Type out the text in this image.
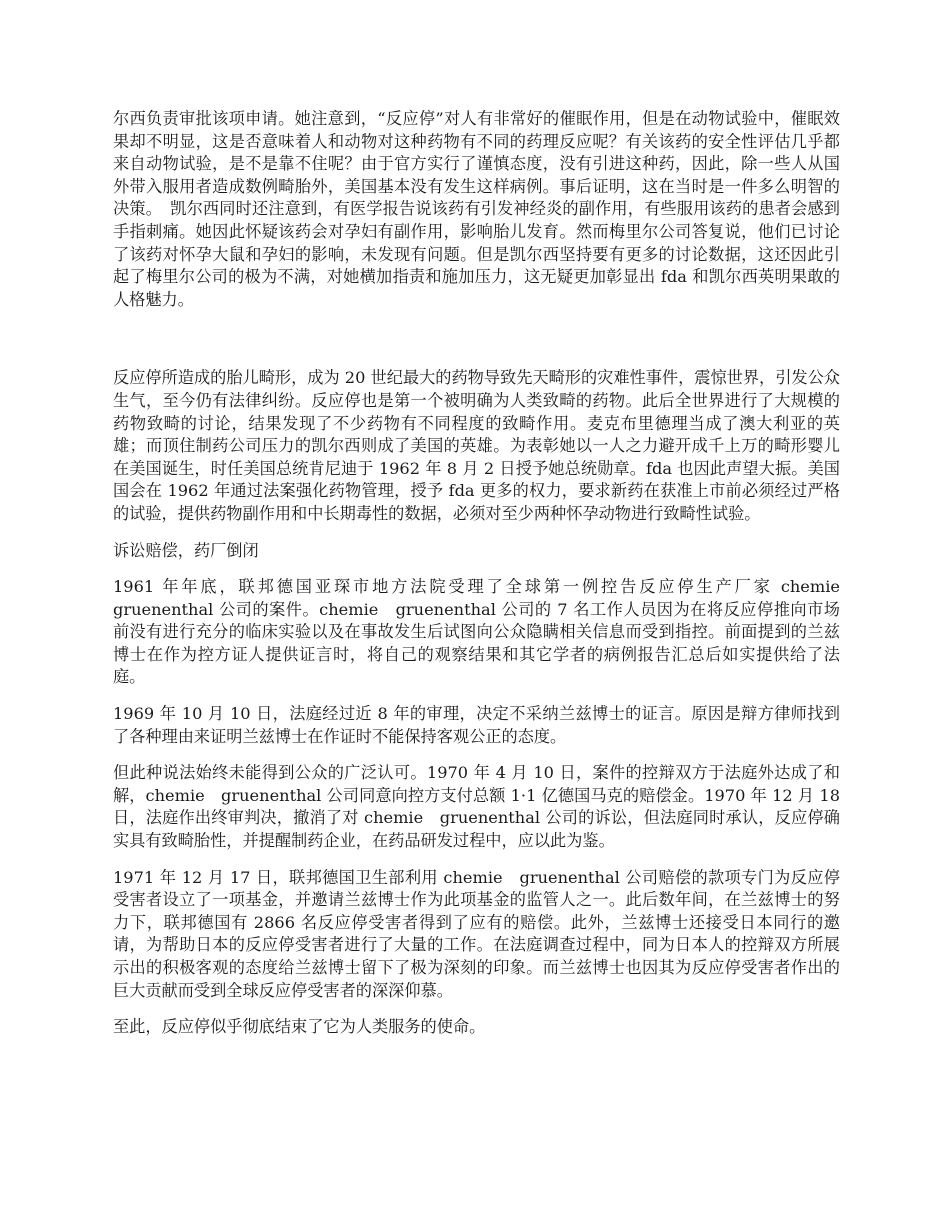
尔西负责审批该项申请。她注意到，“反应停”对人有非常好的催眠作用，但是在动物试验中，催眠效果却不明显，这是否意味着人和动物对这种药物有不同的药理反应呢？有关该药的安全性评估几乎都来自动物试验，是不是靠不住呢？由于官方实行了谨慎态度，没有引进这种药，因此，除一些人从国外带入服用者造成数例畸胎外，美国基本没有发生这样病例。事后证明，这在当时是一件多么明智的决策。　凯尔西同时还注意到，有医学报告说该药有引发神经炎的副作用，有些服用该药的患者会感到手指刺痛。她因此怀疑该药会对孕妇有副作用，影响胎儿发育。然而梅里尔公司答复说，他们已讨论了该药对怀孕大鼠和孕妇的影响，未发现有问题。但是凯尔西坚持要有更多的讨论数据，这还因此引起了梅里尔公司的极为不满，对她横加指责和施加压力，这无疑更加彰显出 fda 和凯尔西英明果敢的人格魅力。

反应停所造成的胎儿畸形，成为 20 世纪最大的药物导致先天畸形的灾难性事件，震惊世界，引发公众生气，至今仍有法律纠纷。反应停也是第一个被明确为人类致畸的药物。此后全世界进行了大规模的药物致畸的讨论，结果发现了不少药物有不同程度的致畸作用。麦克布里德理当成了澳大利亚的英雄；而顶住制药公司压力的凯尔西则成了美国的英雄。为表彰她以一人之力避开成千上万的畸形婴儿在美国诞生，时任美国总统肯尼迪于 1962 年 8 月 2 日授予她总统勋章。fda 也因此声望大振。美国国会在 1962 年通过法案强化药物管理，授予 fda 更多的权力，要求新药在获准上市前必须经过严格的试验，提供药物副作用和中长期毒性的数据，必须对至少两种怀孕动物进行致畸性试验。

诉讼赔偿，药厂倒闭

1961 年年底，联邦德国亚琛市地方法院受理了全球第一例控告反应停生产厂家 chemie　gruenenthal 公司的案件。chemie　gruenenthal 公司的 7 名工作人员因为在将反应停推向市场前没有进行充分的临床实验以及在事故发生后试图向公众隐瞒相关信息而受到指控。前面提到的兰兹博士在作为控方证人提供证言时，将自己的观察结果和其它学者的病例报告汇总后如实提供给了法庭。

1969 年 10 月 10 日，法庭经过近 8 年的审理，决定不采纳兰兹博士的证言。原因是辩方律师找到了各种理由来证明兰兹博士在作证时不能保持客观公正的态度。

但此种说法始终未能得到公众的广泛认可。1970 年 4 月 10 日，案件的控辩双方于法庭外达成了和解，chemie　gruenenthal 公司同意向控方支付总额 1·1 亿德国马克的赔偿金。1970 年 12 月 18 日，法庭作出终审判决，撤消了对 chemie　gruenenthal 公司的诉讼，但法庭同时承认，反应停确实具有致畸胎性，并提醒制药企业，在药品研发过程中，应以此为鉴。

1971 年 12 月 17 日，联邦德国卫生部利用 chemie　gruenenthal 公司赔偿的款项专门为反应停受害者设立了一项基金，并邀请兰兹博士作为此项基金的监管人之一。此后数年间，在兰兹博士的努力下，联邦德国有 2866 名反应停受害者得到了应有的赔偿。此外，兰兹博士还接受日本同行的邀请，为帮助日本的反应停受害者进行了大量的工作。在法庭调查过程中，同为日本人的控辩双方所展示出的积极客观的态度给兰兹博士留下了极为深刻的印象。而兰兹博士也因其为反应停受害者作出的巨大贡献而受到全球反应停受害者的深深仰慕。

至此，反应停似乎彻底结束了它为人类服务的使命。
